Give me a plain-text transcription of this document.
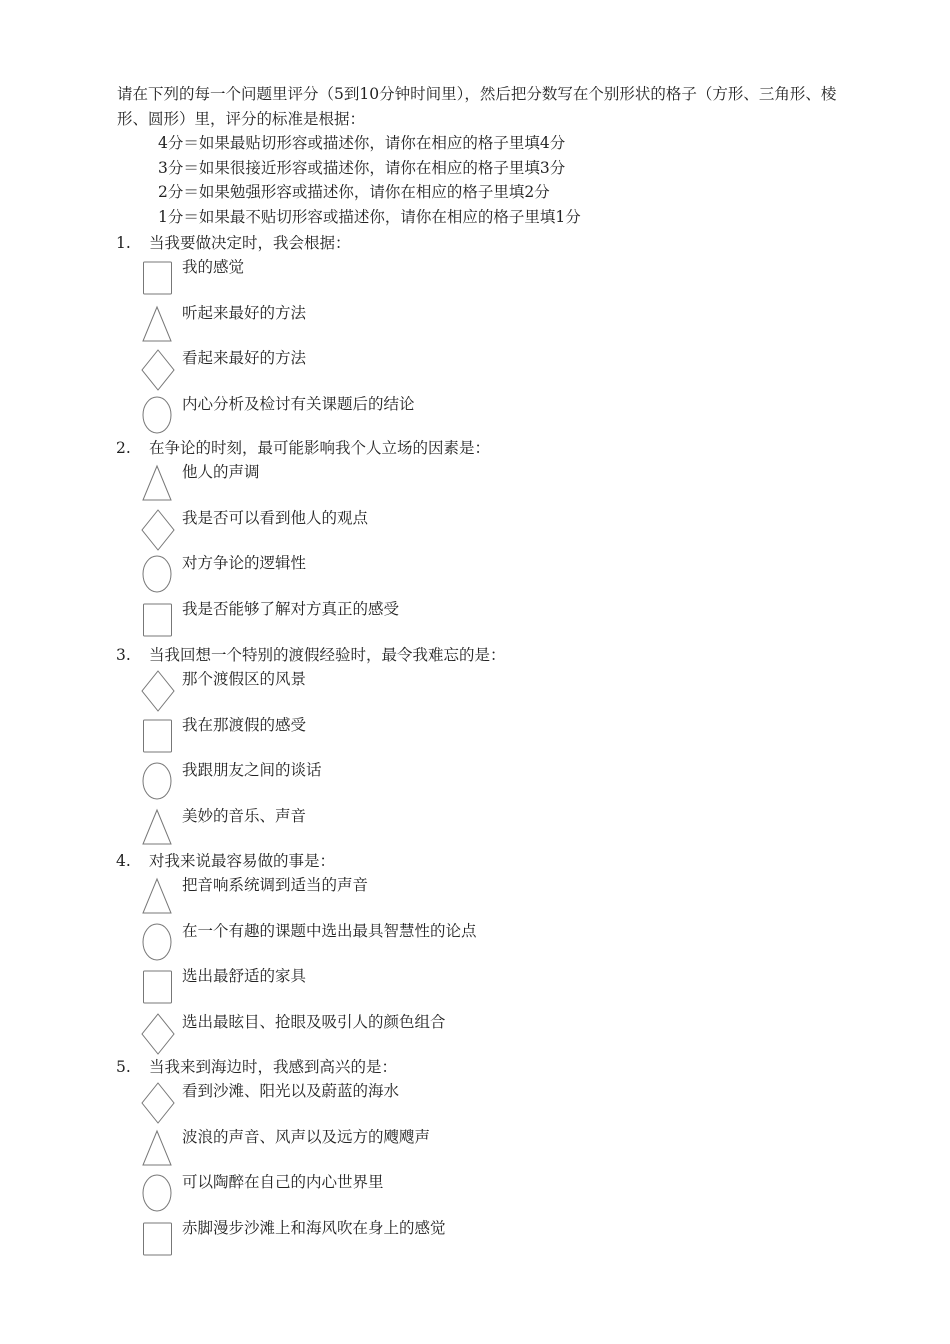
请在下列的每一个问题里评分（5到10分钟时间里），然后把分数写在个别形状的格子（方形、三角形、棱形、圆形）里，评分的标准是根据：

4分＝如果最贴切形容或描述你，请你在相应的格子里填4分
3分＝如果很接近形容或描述你，请你在相应的格子里填3分
2分＝如果勉强形容或描述你，请你在相应的格子里填2分
1分＝如果最不贴切形容或描述你，请你在相应的格子里填1分
1. 当我要做决定时，我会根据：
我的感觉
听起来最好的方法
看起来最好的方法
内心分析及检讨有关课题后的结论
2. 在争论的时刻，最可能影响我个人立场的因素是：
他人的声调
我是否可以看到他人的观点
对方争论的逻辑性
我是否能够了解对方真正的感受
3. 当我回想一个特别的渡假经验时，最令我难忘的是：
那个渡假区的风景
我在那渡假的感受
我跟朋友之间的谈话
美妙的音乐、声音
4. 对我来说最容易做的事是：
把音响系统调到适当的声音
在一个有趣的课题中选出最具智慧性的论点
选出最舒适的家具
选出最眩目、抢眼及吸引人的颜色组合
5. 当我来到海边时，我感到高兴的是：
看到沙滩、阳光以及蔚蓝的海水
波浪的声音、风声以及远方的飕飕声
可以陶醉在自己的内心世界里
赤脚漫步沙滩上和海风吹在身上的感觉
